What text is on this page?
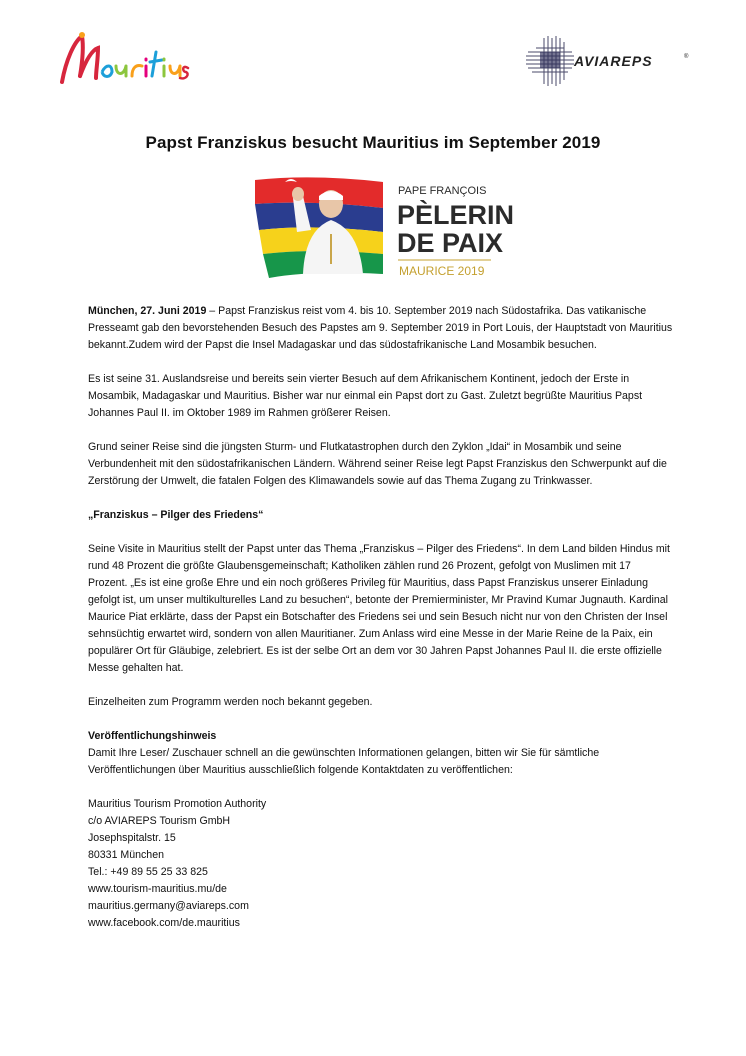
AVIAREPS	®
Papst Franziskus besucht Mauritius im September 2019
PAPE FRANÇOIS
PÈLERIN
DE PAIX
MAURICE 2019

München, 27. Juni 2019 – Papst Franziskus reist vom 4. bis 10. September 2019 nach Südostafrika. Das vatikanische Presseamt gab den bevorstehenden Besuch des Papstes am 9. September 2019 in Port Louis, der Hauptstadt von Mauritius bekannt.Zudem wird der Papst die Insel Madagaskar und das südostafrikanische Land Mosambik besuchen.

Es ist seine 31. Auslandsreise und bereits sein vierter Besuch auf dem Afrikanischem Kontinent, jedoch der Erste in Mosambik, Madagaskar und Mauritius. Bisher war nur einmal ein Papst dort zu Gast. Zuletzt begrüßte Mauritius Papst Johannes Paul II. im Oktober 1989 im Rahmen größerer Reisen.

Grund seiner Reise sind die jüngsten Sturm- und Flutkatastrophen durch den Zyklon „Idai“ in Mosambik und seine Verbundenheit mit den südostafrikanischen Ländern. Während seiner Reise legt Papst Franziskus den Schwerpunkt auf die Zerstörung der Umwelt, die fatalen Folgen des Klimawandels sowie auf das Thema Zugang zu Trinkwasser.

„Franziskus – Pilger des Friedens“

Seine Visite in Mauritius stellt der Papst unter das Thema „Franziskus – Pilger des Friedens“. In dem Land bilden Hindus mit rund 48 Prozent die größte Glaubensgemeinschaft; Katholiken zählen rund 26 Prozent, gefolgt von Muslimen mit 17 Prozent. „Es ist eine große Ehre und ein noch größeres Privileg für Mauritius, dass Papst Franziskus unserer Einladung gefolgt ist, um unser multikulturelles Land zu besuchen“, betonte der Premierminister, Mr Pravind Kumar Jugnauth. Kardinal Maurice Piat erklärte, dass der Papst ein Botschafter des Friedens sei und sein Besuch nicht nur von den Christen der Insel sehnsüchtig erwartet wird, sondern von allen Mauritianer. Zum Anlass wird eine Messe in der Marie Reine de la Paix, ein populärer Ort für Gläubige, zelebriert. Es ist der selbe Ort an dem vor 30 Jahren Papst Johannes Paul II. die erste offizielle Messe gehalten hat.

Einzelheiten zum Programm werden noch bekannt gegeben.

Veröffentlichungshinweis

Damit Ihre Leser/ Zuschauer schnell an die gewünschten Informationen gelangen, bitten wir Sie für sämtliche Veröffentlichungen über Mauritius ausschließlich folgende Kontaktdaten zu veröffentlichen:

Mauritius Tourism Promotion Authority
c/o AVIAREPS Tourism GmbH
Josephspitalstr. 15
80331 München
Tel.: +49 89 55 25 33 825
www.tourism-mauritius.mu/de
mauritius.germany@aviareps.com
www.facebook.com/de.mauritius
